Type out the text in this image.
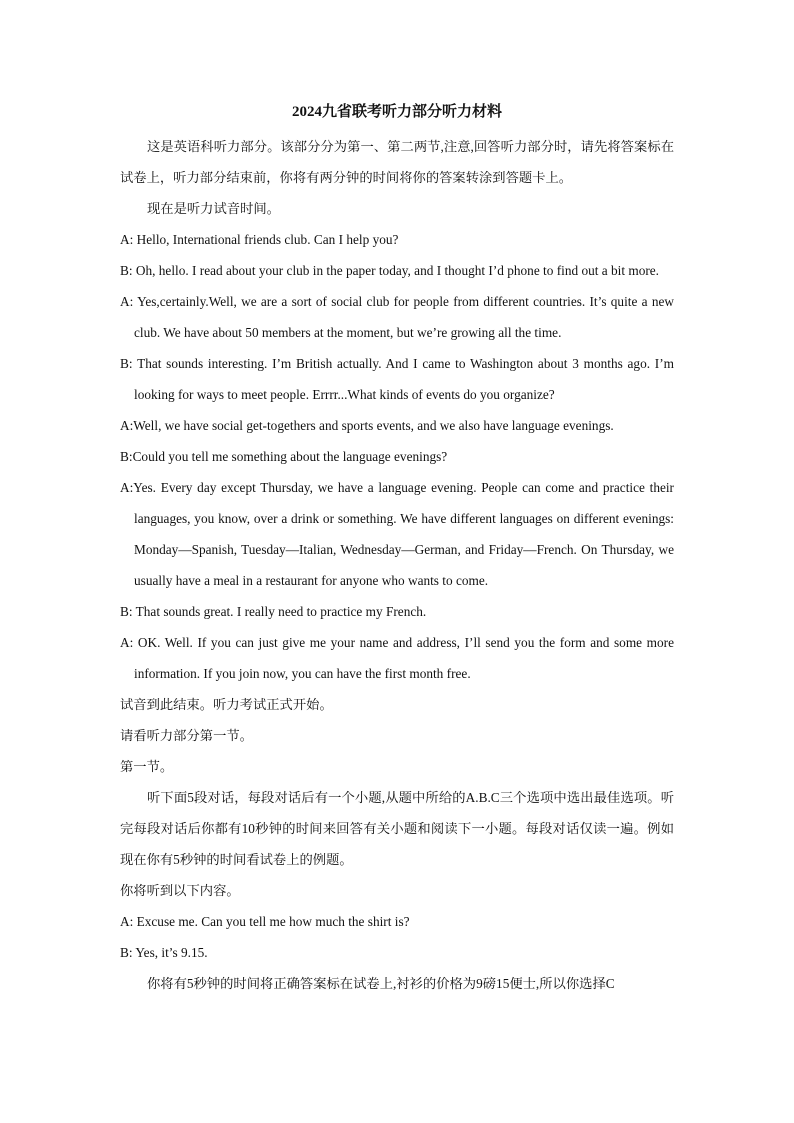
2024九省联考听力部分听力材料

这是英语科听力部分。该部分分为第一、第二两节,注意,回答听力部分时，请先将答案标在试卷上，听力部分结束前，你将有两分钟的时间将你的答案转涂到答题卡上。

现在是听力试音时间。

A: Hello, International friends club. Can I help you?

B: Oh, hello. I read about your club in the paper today, and I thought I’d phone to find out a bit more.

A: Yes,certainly.Well, we are a sort of social club for people from different countries. It’s quite a new club. We have about 50 members at the moment, but we’re growing all the time.

B: That sounds interesting. I’m British actually. And I came to Washington about 3 months ago. I’m looking for ways to meet people. Errrr...What kinds of events do you organize?

A:Well, we have social get-togethers and sports events, and we also have language evenings.

B:Could you tell me something about the language evenings?

A:Yes. Every day except Thursday, we have a language evening. People can come and practice their languages, you know, over a drink or something. We have different languages on different evenings: Monday—Spanish, Tuesday—Italian, Wednesday—German, and Friday—French. On Thursday, we usually have a meal in a restaurant for anyone who wants to come.

B: That sounds great. I really need to practice my French.

A: OK. Well. If you can just give me your name and address, I’ll send you the form and some more information. If you join now, you can have the first month free.

试音到此结束。听力考试正式开始。

请看听力部分第一节。

第一节。

听下面5段对话，每段对话后有一个小题,从题中所给的A.B.C三个选项中选出最佳选项。听完每段对话后你都有10秒钟的时间来回答有关小题和阅读下一小题。每段对话仅读一遍。例如现在你有5秒钟的时间看试卷上的例题。

你将听到以下内容。

A: Excuse me. Can you tell me how much the shirt is?

B: Yes, it’s 9.15.

你将有5秒钟的时间将正确答案标在试卷上,衬衫的价格为9磅15便士,所以你选择C
